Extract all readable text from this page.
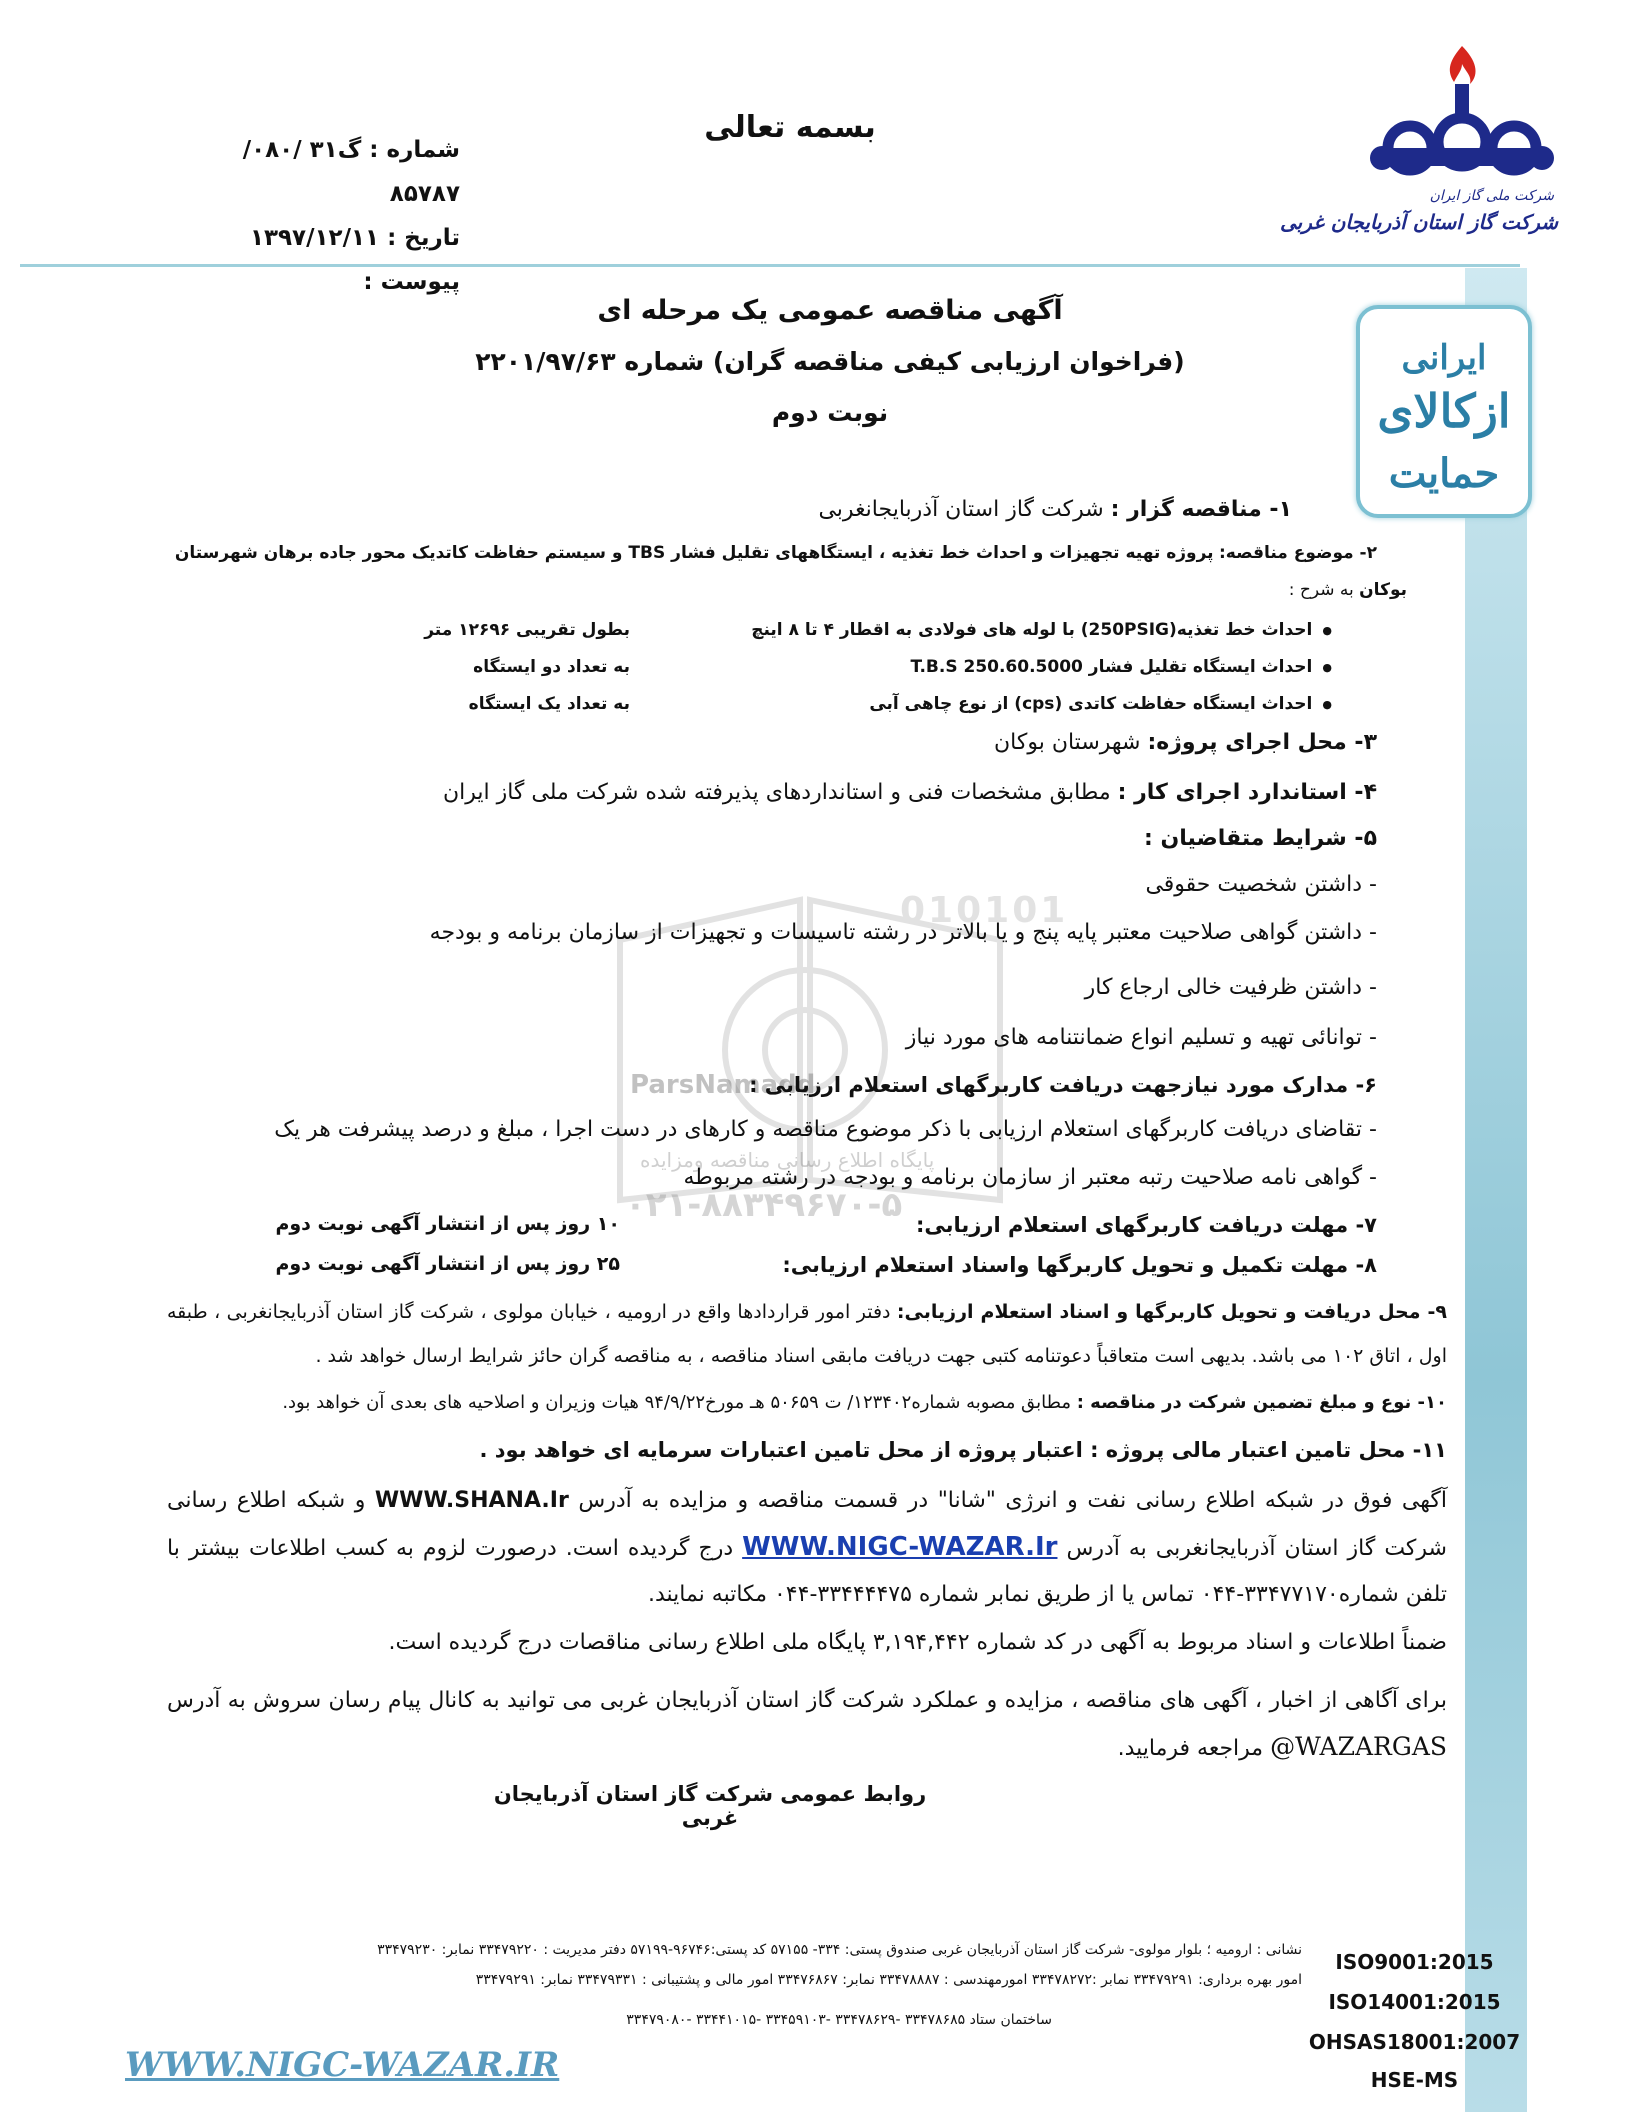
شرکت ملی گاز ایران
شرکت گاز استان آذربایجان غربی
بسمه تعالی
شماره : گ۳۱ /۰۸۰/ ۸۵۷۸۷
تاریخ : ۱۳۹۷/۱۲/۱۱
پیوست :
ایرانی
ازکالای
حمایت
010101
ParsNamadd
پایگاه اطلاع رسانی مناقصه ومزایده
۰۲۱-۸۸۳۴۹۶۷۰-۵
آگهی مناقصه عمومی یک مرحله ای
(فراخوان ارزیابی کیفی مناقصه گران) شماره ۲۲۰۱/۹۷/۶۳
نوبت دوم
۱- مناقصه گزار : شرکت گاز استان آذربایجانغربی
۲- موضوع مناقصه: پروژه تهیه تجهیزات و احداث خط تغذیه ، ایستگاههای تقلیل فشار TBS و سیستم حفاظت کاتدیک محور جاده برهان شهرستان
بوکان به شرح :
● احداث خط تغذیه(250PSIG) با لوله های فولادی به اقطار ۴ تا ۸ اینچ
بطول تقریبی ۱۲۶۹۶ متر
● احداث ایستگاه تقلیل فشار T.B.S 250.60.5000
به تعداد دو ایستگاه
● احداث ایستگاه حفاظت کاتدی (cps) از نوع چاهی آبی
به تعداد یک ایستگاه
۳- محل اجرای پروژه: شهرستان بوکان
۴- استاندارد اجرای کار : مطابق مشخصات فنی و استانداردهای پذیرفته شده شرکت ملی گاز ایران
۵- شرایط متقاضیان :
- داشتن شخصیت حقوقی
- داشتن گواهی صلاحیت معتبر پایه پنج و یا بالاتر در رشته تاسیسات و تجهیزات از سازمان برنامه و بودجه
- داشتن ظرفیت خالی ارجاع کار
- توانائی تهیه و تسلیم انواع ضمانتنامه های مورد نیاز
۶- مدارک مورد نیازجهت دریافت کاربرگهای استعلام ارزیابی :
- تقاضای دریافت کاربرگهای استعلام ارزیابی با ذکر موضوع مناقصه و کارهای در دست اجرا ، مبلغ و درصد پیشرفت هر یک
- گواهی نامه صلاحیت رتبه معتبر از سازمان برنامه و بودجه در رشته مربوطه
۷- مهلت دریافت کاربرگهای استعلام ارزیابی:
۱۰ روز پس از انتشار آگهی نوبت دوم
۸- مهلت تکمیل و تحویل کاربرگها واسناد استعلام ارزیابی:
۲۵ روز پس از انتشار آگهی نوبت دوم
۹- محل دریافت و تحویل کاربرگها و اسناد استعلام ارزیابی: دفتر امور قراردادها واقع در ارومیه ، خیابان مولوی ، شرکت گاز استان آذربایجانغربی ، طبقه اول ، اتاق ۱۰۲ می باشد. بدیهی است متعاقباً دعوتنامه کتبی جهت دریافت مابقی اسناد مناقصه ، به مناقصه گران حائز شرایط ارسال خواهد شد .
۱۰- نوع و مبلغ تضمین شرکت در مناقصه : مطابق مصوبه شماره۱۲۳۴۰۲/ ت ۵۰۶۵۹ هـ مورخ۹۴/۹/۲۲ هیات وزیران و اصلاحیه های بعدی آن خواهد بود.
۱۱- محل تامین اعتبار مالی پروژه : اعتبار پروژه از محل تامین اعتبارات سرمایه ای خواهد بود .
آگهی فوق در شبکه اطلاع رسانی نفت و انرژی "شانا" در قسمت مناقصه و مزایده به آدرس WWW.SHANA.Ir و شبکه اطلاع رسانی شرکت گاز استان آذربایجانغربی به آدرس WWW.NIGC-WAZAR.Ir درج گردیده است. درصورت لزوم به کسب اطلاعات بیشتر با تلفن شماره۳۳۴۷۷۱۷۰-۰۴۴ تماس یا از طریق نمابر شماره ۳۳۴۴۴۴۷۵-۰۴۴ مکاتبه نمایند.
ضمناً اطلاعات و اسناد مربوط به آگهی در کد شماره ۳,۱۹۴,۴۴۲ پایگاه ملی اطلاع رسانی مناقصات درج گردیده است.
برای آگاهی از اخبار ، آگهی های مناقصه ، مزایده و عملکرد شرکت گاز استان آذربایجان غربی می توانید به کانال پیام رسان سروش به آدرس WAZARGAS@ مراجعه فرمایید.
روابط عمومی شرکت گاز استان آذربایجان غربی
نشانی : ارومیه ؛ بلوار مولوی- شرکت گاز استان آذربایجان غربی صندوق پستی: ۳۳۴- ۵۷۱۵۵ کد پستی:۹۶۷۴۶-۵۷۱۹۹ دفتر مدیریت : ۳۳۴۷۹۲۲۰ نمابر: ۳۳۴۷۹۲۳۰
امور بهره برداری: ۳۳۴۷۹۲۹۱ نمابر :۳۳۴۷۸۲۷۲ امورمهندسی : ۳۳۴۷۸۸۸۷ نمابر: ۳۳۴۷۶۸۶۷ امور مالی و پشتیبانی : ۳۳۴۷۹۳۳۱ نمابر: ۳۳۴۷۹۲۹۱
ساختمان ستاد ۳۳۴۷۸۶۸۵ -۳۳۴۷۸۶۲۹ -۳۳۴۵۹۱۰۳ -۳۳۴۴۱۰۱۵ -۳۳۴۷۹۰۸۰
WWW.NIGC-WAZAR.IR
ISO9001:2015
ISO14001:2015
OHSAS18001:2007
HSE-MS
